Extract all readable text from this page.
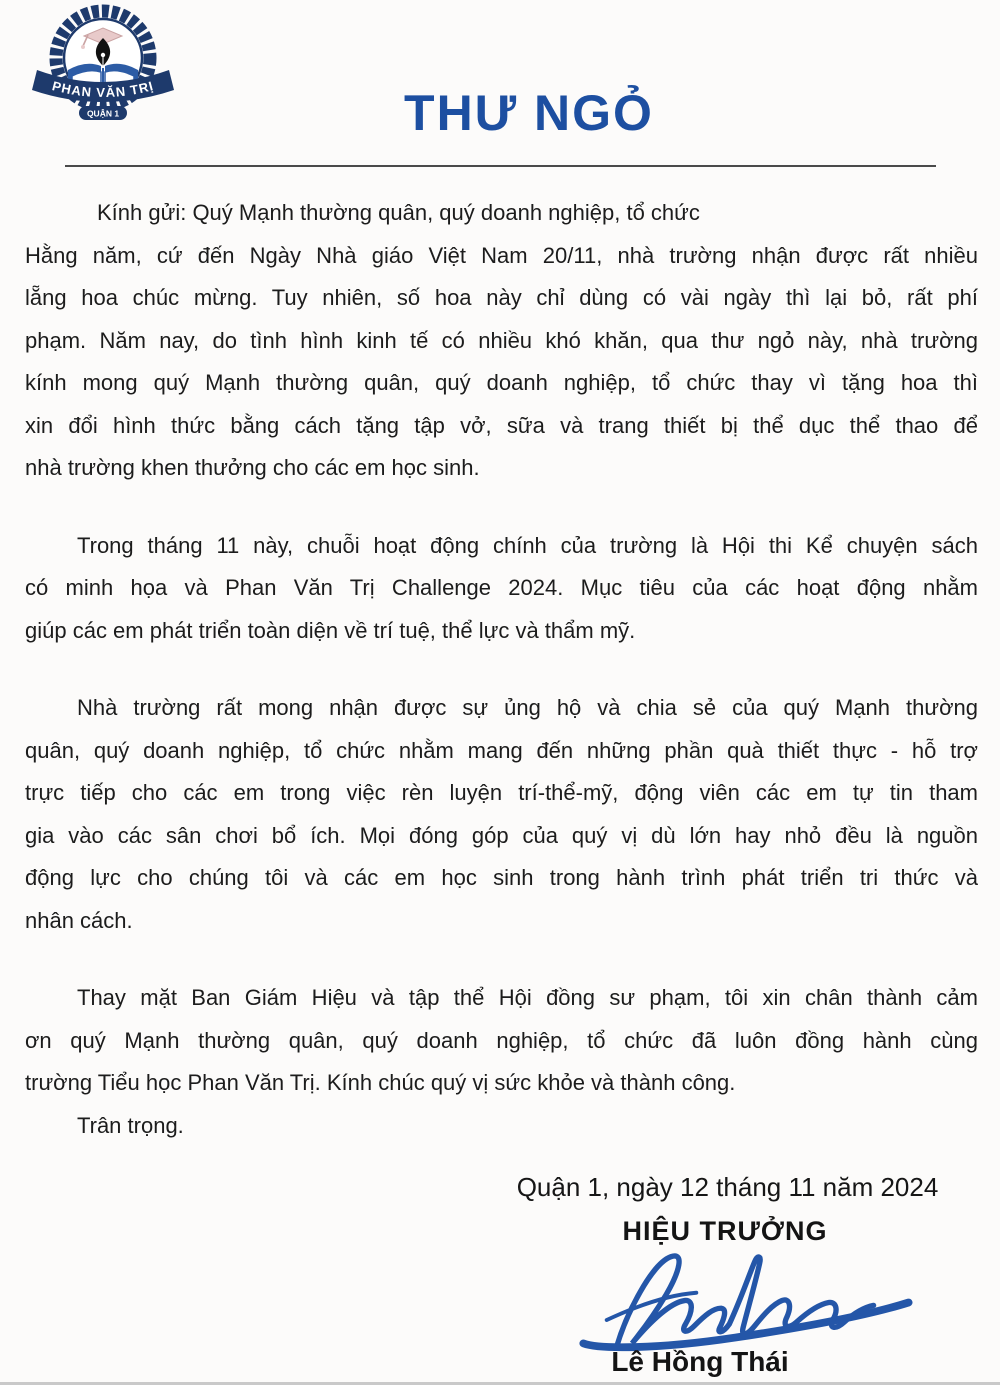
PHAN VĂN TRỊ
QUẬN 1	THƯ NGỎ
Kính gửi: Quý Mạnh thường quân, quý doanh nghiệp, tổ chức
Hằng năm, cứ đến Ngày Nhà giáo Việt Nam 20/11, nhà trường nhận được rất nhiều
lẵng hoa chúc mừng. Tuy nhiên, số hoa này chỉ dùng có vài ngày thì lại bỏ, rất phí
phạm. Năm nay, do tình hình kinh tế có nhiều khó khăn, qua thư ngỏ này, nhà trường
kính mong quý Mạnh thường quân, quý doanh nghiệp, tổ chức thay vì tặng hoa thì
xin đổi hình thức bằng cách tặng tập vở, sữa và trang thiết bị thể dục thể thao để
nhà trường khen thưởng cho các em học sinh.
Trong tháng 11 này, chuỗi hoạt động chính của trường là Hội thi Kể chuyện sách
có minh họa và Phan Văn Trị Challenge 2024. Mục tiêu của các hoạt động nhằm
giúp các em phát triển toàn diện về trí tuệ, thể lực và thẩm mỹ.
Nhà trường rất mong nhận được sự ủng hộ và chia sẻ của quý Mạnh thường
quân, quý doanh nghiệp, tổ chức nhằm mang đến những phần quà thiết thực - hỗ trợ
trực tiếp cho các em trong việc rèn luyện trí-thể-mỹ, động viên các em tự tin tham
gia vào các sân chơi bổ ích. Mọi đóng góp của quý vị dù lớn hay nhỏ đều là nguồn
động lực cho chúng tôi và các em học sinh trong hành trình phát triển tri thức và
nhân cách.
Thay mặt Ban Giám Hiệu và tập thể Hội đồng sư phạm, tôi xin chân thành cảm
ơn quý Mạnh thường quân, quý doanh nghiệp, tổ chức đã luôn đồng hành cùng
trường Tiểu học Phan Văn Trị. Kính chúc quý vị sức khỏe và thành công.
Trân trọng.
Quận 1, ngày 12 tháng 11 năm 2024
HIỆU TRƯỞNG
Lê Hồng Thái
